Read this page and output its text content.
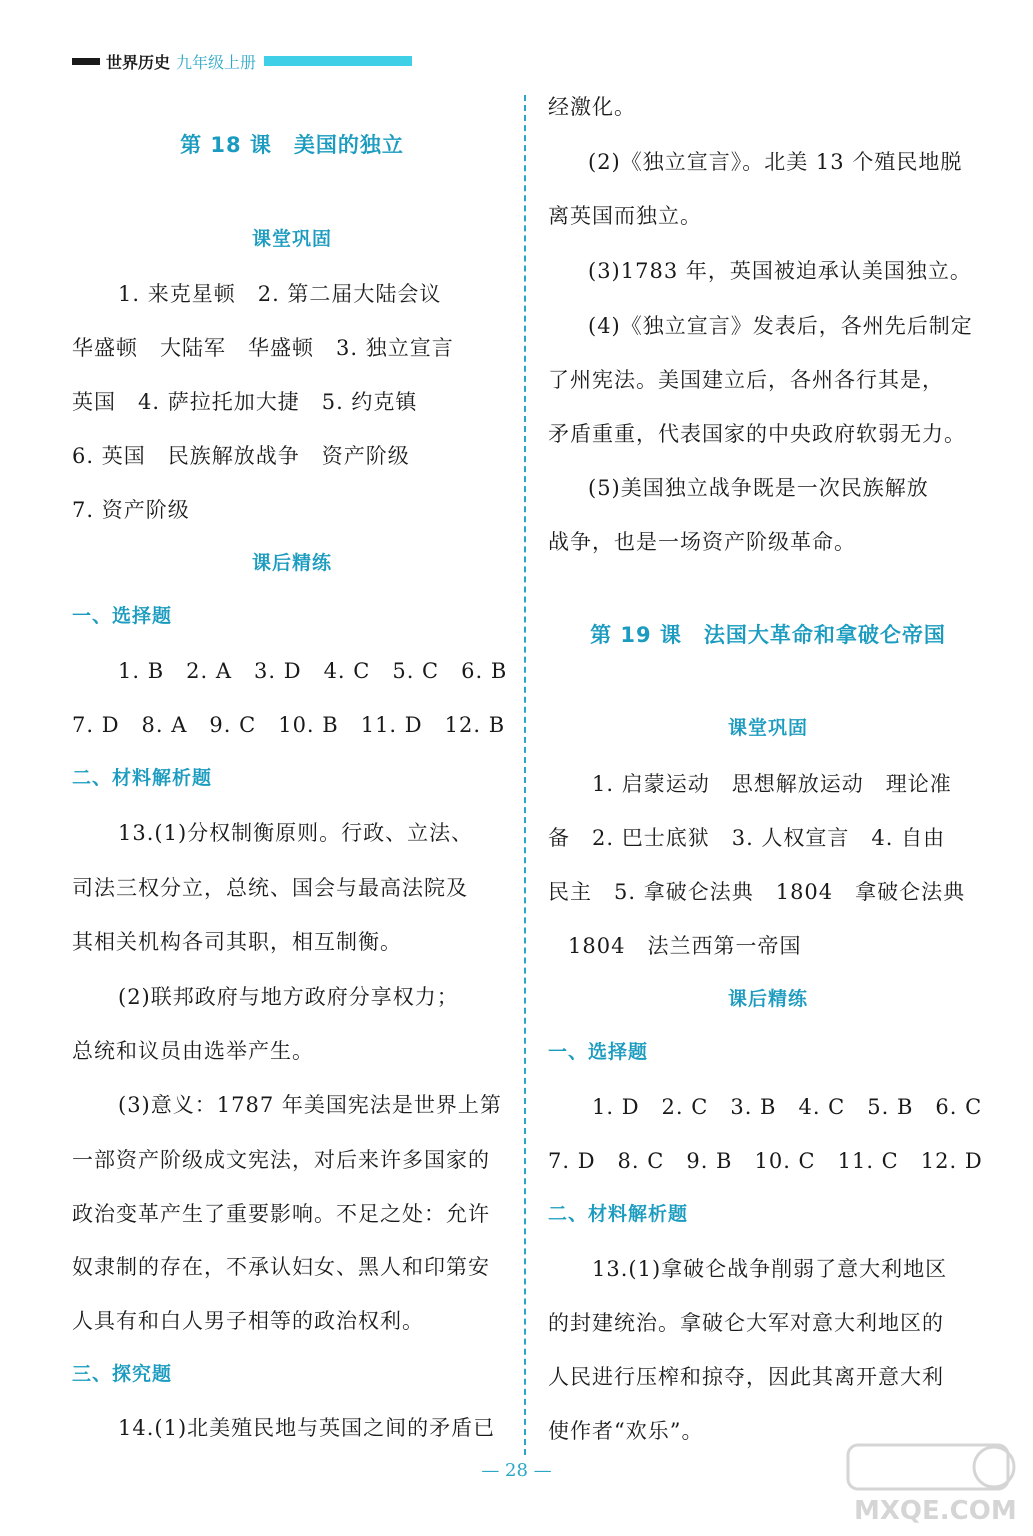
世界历史 九年级上册
第 18 课　美国的独立
课堂巩固
1. 来克星顿　2. 第二届大陆会议
华盛顿　大陆军　华盛顿　3. 独立宣言
英国　4. 萨拉托加大捷　5. 约克镇
6. 英国　民族解放战争　资产阶级
7. 资产阶级
课后精练
一、选择题
1. B　2. A　3. D　4. C　5. C　6. B
7. D　8. A　9. C　10. B　11. D　12. B
二、材料解析题
13.(1)分权制衡原则。行政、立法、
司法三权分立，总统、国会与最高法院及
其相关机构各司其职，相互制衡。
(2)联邦政府与地方政府分享权力；
总统和议员由选举产生。
(3)意义：1787 年美国宪法是世界上第
一部资产阶级成文宪法，对后来许多国家的
政治变革产生了重要影响。不足之处：允许
奴隶制的存在，不承认妇女、黑人和印第安
人具有和白人男子相等的政治权利。
三、探究题
14.(1)北美殖民地与英国之间的矛盾已
经激化。
(2)《独立宣言》。北美 13 个殖民地脱
离英国而独立。
(3)1783 年，英国被迫承认美国独立。
(4)《独立宣言》发表后，各州先后制定
了州宪法。美国建立后，各州各行其是，
矛盾重重，代表国家的中央政府软弱无力。
(5)美国独立战争既是一次民族解放
战争，也是一场资产阶级革命。
第 19 课　法国大革命和拿破仑帝国
课堂巩固
1. 启蒙运动　思想解放运动　理论准
备　2. 巴士底狱　3. 人权宣言　4. 自由
民主　5. 拿破仑法典　1804　拿破仑法典
1804　法兰西第一帝国
课后精练
一、选择题
1. D　2. C　3. B　4. C　5. B　6. C
7. D　8. C　9. B　10. C　11. C　12. D
二、材料解析题
13.(1)拿破仑战争削弱了意大利地区
的封建统治。拿破仑大军对意大利地区的
人民进行压榨和掠夺，因此其离开意大利
使作者“欢乐”。
— 28 —
MXQE.COM
